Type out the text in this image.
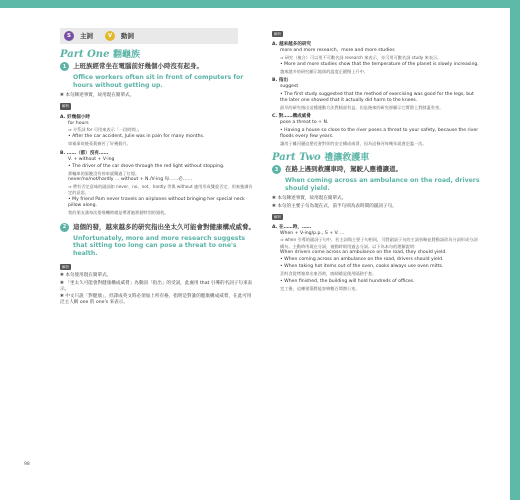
S	主詞	V	動詞
Part One 翻龜族
1	上班族經常坐在電腦前好幾個小時沒有起身。
Office workers often sit in front of computers for hours without getting up.
✱ 本句陳述事實，故用現在簡單式。
解析
A. 好幾個小時
for hours
⇒ 介系詞 for 可用來表示「一段時間」。
• After the car accident, Julie was in pain for many months.
車禍事故後茱莉痛苦了好幾個月。
B. ……（都）沒有……
V. + without + V-ing
• The driver of the car drove through the red light without stopping.
那輛車的駕駛沒有停車就闖過了紅燈。
never/no/not/hardly … without + N./V-ing 每……必……
⇒ 帶有否定意味的副詞如 never、no、not、hardly 等與 without 連用形成雙重否定，用來強調肯定的意思。
• My friend Pam never travels on airplanes without bringing her special neck pillow along.
我的朋友潘每次搭飛機時總是帶著她那個特別的頸枕。
2	這個的發，越來越多的研究指出坐太久可能會對健康構成威脅。
Unfortunately, more and more research suggests that sitting too long can pose a threat to one's health.
解析
✱ 本句使用現在簡單式。
✱ 「坐太久可能會對健康構成威脅」為動詞「指出」的受詞，此處用 that 引導的名詞子句來表示。
✱ 中文只說「對健康」，但譯成英文時必須加上所有格，指明是對誰的健康構成威脅，在此可用泛主人稱 one 的 one's 來表示。
解析
A. 越來越多的研究
more and more research、more and more studies
⇒ 研究（複合）可以用不可數名詞 research 來表示，亦可用可數名詞 study 來表示。
• More and more studies show that the temperature of the planet is slowly increasing.
越來越多的研究顯示地球的溫度正緩慢上升中。
B. 指出
suggest
• The first study suggested that the method of exercising was good for the legs, but the later one showed that it actually did harm to the knees.
最早的研究指出這種運動方法對腿部有益，但是後來的研究卻顯示它實際上對膝蓋有害。
C. 對……構成威脅
pose a threat to + N.
• Having a house so close to the river poses a threat to your safety, because the river floods every few years.
讓房子離河邊這麼近會對你的安全構成威脅，因為這條河每幾年就會氾濫一次。
Part Two 禮讓救護車
3	在路上遇到救護車時，駕駛人應禮讓道。
When coming across an ambulance on the road, drivers should yield.
✱ 本句陳述事實，故用現在簡單式。
✱ 本句的主要子句為現在式，前半句則為表時間的副詞子句。
解析
A. 在……時，……
When + V-ing/p.p., S + V. …
⇒ when 引導的副詞子句中，若主詞與主要子句相同，可將副詞子句的主詞省略並將動詞改為分詞形成分詞構句。主動時用現在分詞，被動時則用過去分詞。以下為本句的理解說明：
When drivers come across an ambulance on the road, they should yield.
• When coming across an ambulance on the road, drivers should yield.
• When taking hot items out of the oven, cooks always use oven mitts.
烹飪食從烤箱拿出東西時，廚師總是使用隔熱手套。
• When finished, the building will hold hundreds of offices.
完工後，這棟建築將能容納數百間辦公室。
98
